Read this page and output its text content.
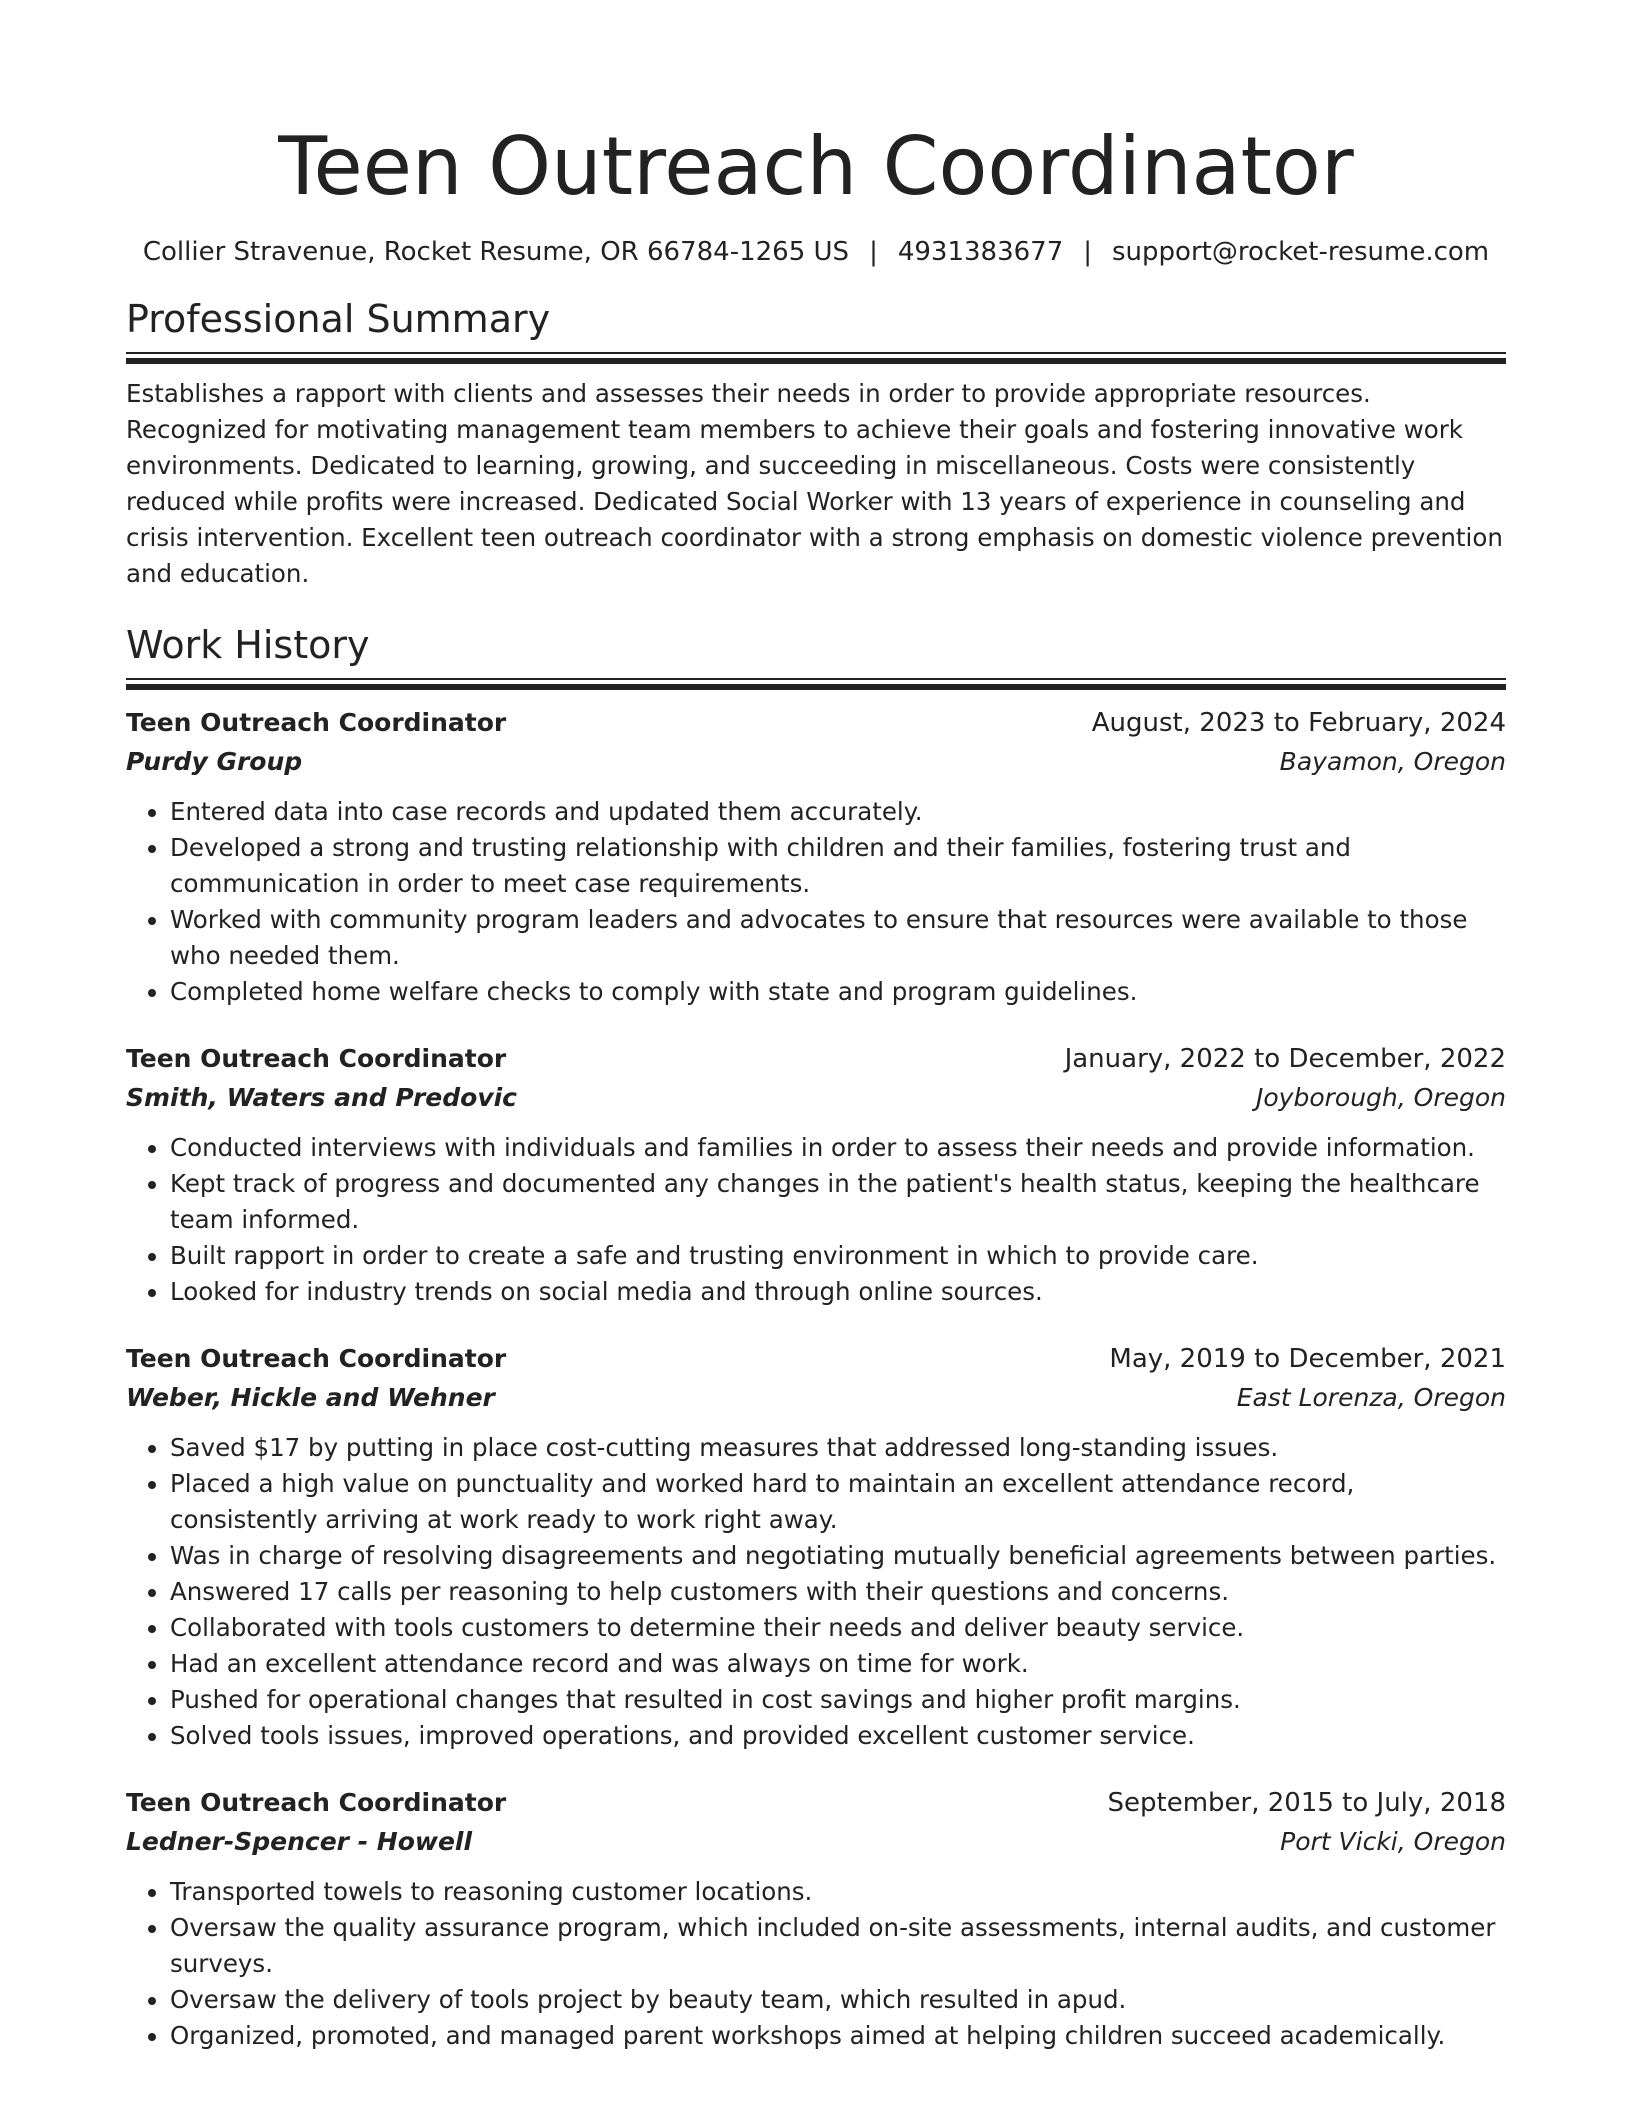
Teen Outreach Coordinator
Collier Stravenue, Rocket Resume, OR 66784-1265 US | 4931383677 | support@rocket-resume.com
Professional Summary

Establishes a rapport with clients and assesses their needs in order to provide appropriate resources. Recognized for motivating management team members to achieve their goals and fostering innovative work environments. Dedicated to learning, growing, and succeeding in miscellaneous. Costs were consistently reduced while profits were increased. Dedicated Social Worker with 13 years of experience in counseling and crisis intervention. Excellent teen outreach coordinator with a strong emphasis on domestic violence prevention and education.

Work History
Teen Outreach Coordinator	August, 2023 to February, 2024
Purdy Group	Bayamon, Oregon
• Entered data into case records and updated them accurately.
• Developed a strong and trusting relationship with children and their families, fostering trust and communication in order to meet case requirements.
• Worked with community program leaders and advocates to ensure that resources were available to those who needed them.
• Completed home welfare checks to comply with state and program guidelines.
Teen Outreach Coordinator	January, 2022 to December, 2022
Smith, Waters and Predovic	Joyborough, Oregon
• Conducted interviews with individuals and families in order to assess their needs and provide information.
• Kept track of progress and documented any changes in the patient's health status, keeping the healthcare team informed.
• Built rapport in order to create a safe and trusting environment in which to provide care.
• Looked for industry trends on social media and through online sources.
Teen Outreach Coordinator	May, 2019 to December, 2021
Weber, Hickle and Wehner	East Lorenza, Oregon
• Saved $17 by putting in place cost-cutting measures that addressed long-standing issues.
• Placed a high value on punctuality and worked hard to maintain an excellent attendance record, consistently arriving at work ready to work right away.
• Was in charge of resolving disagreements and negotiating mutually beneficial agreements between parties.
• Answered 17 calls per reasoning to help customers with their questions and concerns.
• Collaborated with tools customers to determine their needs and deliver beauty service.
• Had an excellent attendance record and was always on time for work.
• Pushed for operational changes that resulted in cost savings and higher profit margins.
• Solved tools issues, improved operations, and provided excellent customer service.
Teen Outreach Coordinator	September, 2015 to July, 2018
Ledner-Spencer - Howell	Port Vicki, Oregon
• Transported towels to reasoning customer locations.
• Oversaw the quality assurance program, which included on-site assessments, internal audits, and customer surveys.
• Oversaw the delivery of tools project by beauty team, which resulted in apud.
• Organized, promoted, and managed parent workshops aimed at helping children succeed academically.
